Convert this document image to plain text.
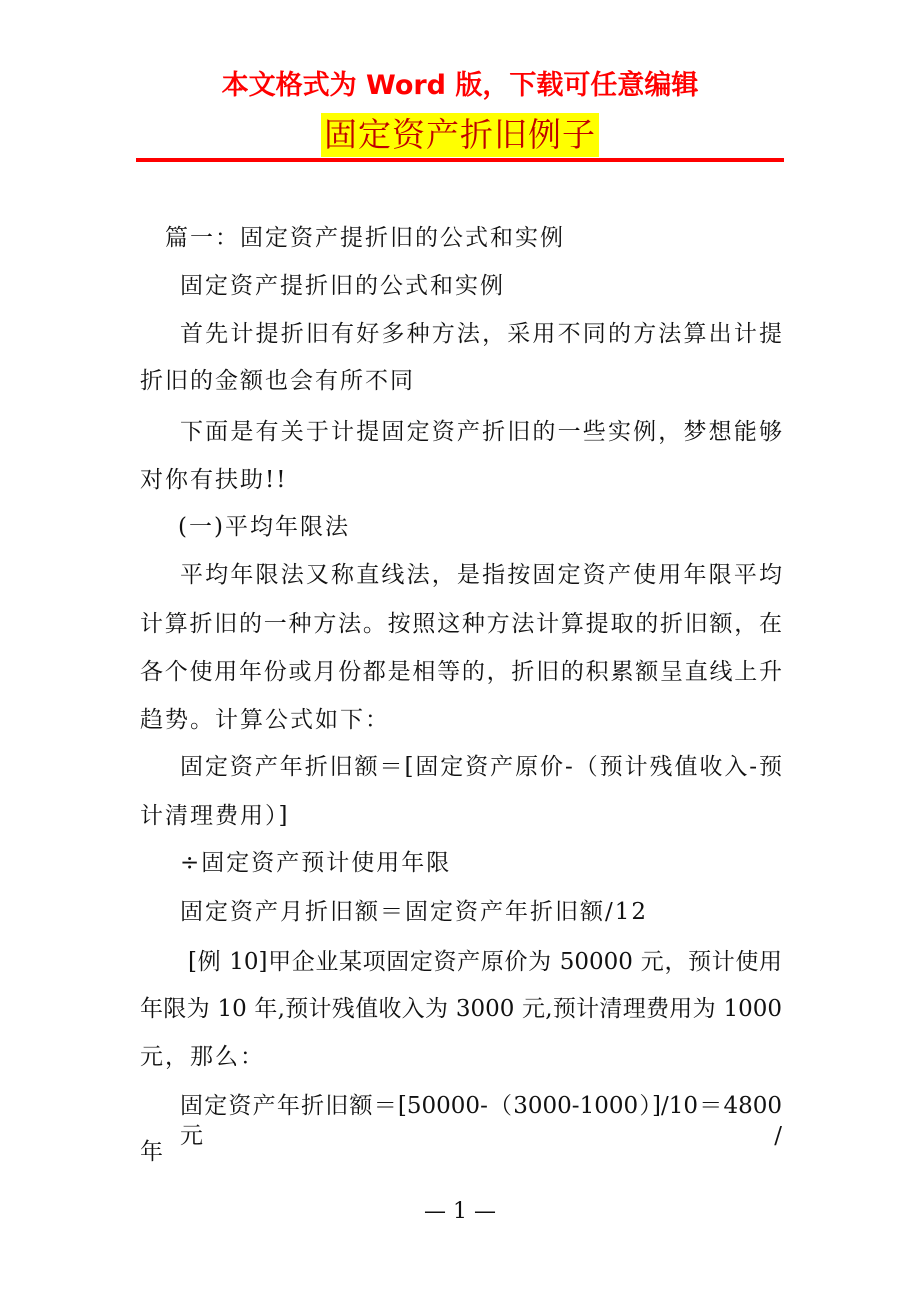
本文格式为 Word 版，下载可任意编辑
固定资产折旧例子
篇一：固定资产提折旧的公式和实例
固定资产提折旧的公式和实例
首先计提折旧有好多种方法，采用不同的方法算出计提
折旧的金额也会有所不同
下面是有关于计提固定资产折旧的一些实例，梦想能够
对你有扶助!!
(一)平均年限法
平均年限法又称直线法，是指按固定资产使用年限平均
计算折旧的一种方法。按照这种方法计算提取的折旧额，在
各个使用年份或月份都是相等的，折旧的积累额呈直线上升
趋势。计算公式如下：
固定资产年折旧额＝[固定资产原价-（预计残值收入-预
计清理费用）]
÷固定资产预计使用年限
固定资产月折旧额＝固定资产年折旧额/12
[例 10]甲企业某项固定资产原价为 50000 元，预计使用
年限为 10 年,预计残值收入为 3000 元,预计清理费用为 1000
元，那么：
固定资产年折旧额＝[50000-（3000-1000）]/10＝4800 元/
年
— 1 —
